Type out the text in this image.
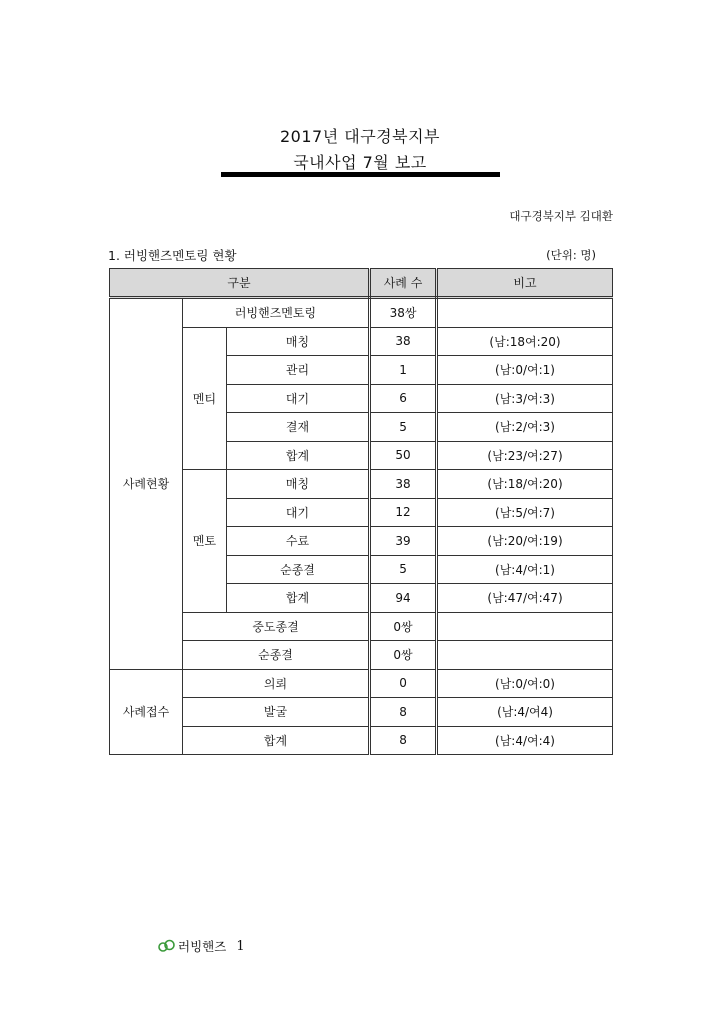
2017년 대구경북지부
국내사업 7월 보고
대구경북지부 김대환
1. 러빙핸즈멘토링 현황	(단위: 명)
구분			사례 수	비고
사례현황	러빙핸즈멘토링		38쌍	
	멘티	매칭	38	(남:18여:20)
		관리	1	(남:0/여:1)
		대기	6	(남:3/여:3)
		결재	5	(남:2/여:3)
		합계	50	(남:23/여:27)
	멘토	매칭	38	(남:18/여:20)
		대기	12	(남:5/여:7)
		수료	39	(남:20/여:19)
		순종결	5	(남:4/여:1)
		합계	94	(남:47/여:47)
	중도종결		0쌍	
	순종결		0쌍	
사례접수	의뢰		0	(남:0/여:0)
	발굴		8	(남:4/여4)
	합계		8	(남:4/여:4)
러빙핸즈 1
